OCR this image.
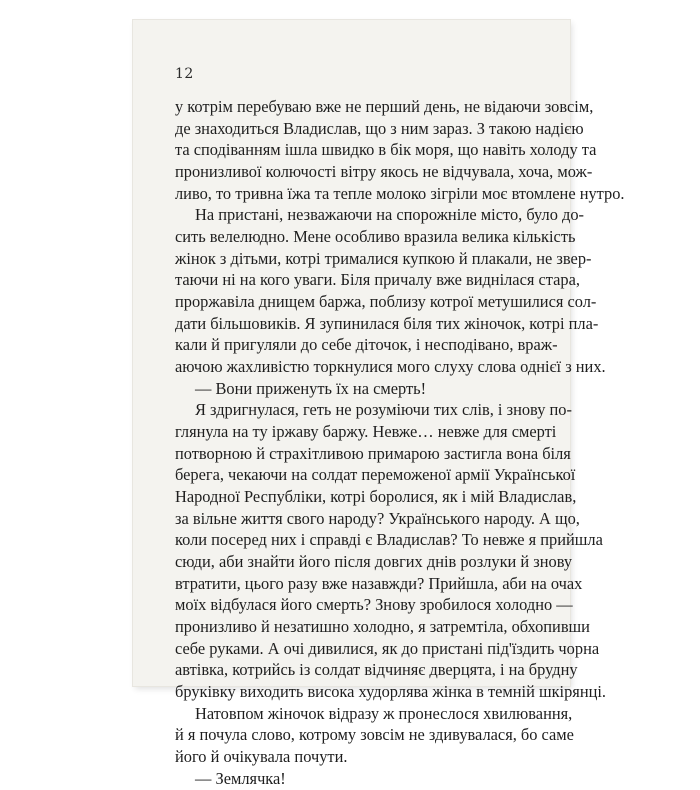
12
у котрім перебуваю вже не перший день, не відаючи зовсім,
де знаходиться Владислав, що з ним зараз. З такою надією
та сподіванням ішла швидко в бік моря, що навіть холоду та
пронизливої колючості вітру якось не відчувала, хоча, мож-
ливо, то тривна їжа та тепле молоко зігріли моє втомлене нутро.
На пристані, незважаючи на спорожніле місто, було до-
сить велелюдно. Мене особливо вразила велика кількість
жінок з дітьми, котрі трималися купкою й плакали, не звер-
таючи ні на кого уваги. Біля причалу вже виднілася стара,
проржавіла днищем баржа, поблизу котрої метушилися сол-
дати більшовиків. Я зупинилася біля тих жіночок, котрі пла-
кали й пригуляли до себе діточок, і несподівано, враж-
аючою жахливістю торкнулися мого слуху слова однієї з них.
— Вони приженуть їх на смерть!
Я здригнулася, геть не розуміючи тих слів, і знову по-
глянула на ту іржаву баржу. Невже… невже для смерті
потворною й страхітливою примарою застигла вона біля
берега, чекаючи на солдат переможеної армії Української
Народної Республіки, котрі боролися, як і мій Владислав,
за вільне життя свого народу? Українського народу. А що,
коли посеред них і справді є Владислав? То невже я прийшла
сюди, аби знайти його після довгих днів розлуки й знову
втратити, цього разу вже назавжди? Прийшла, аби на очах
моїх відбулася його смерть? Знову зробилося холодно —
пронизливо й незатишно холодно, я затремтіла, обхопивши
себе руками. А очі дивилися, як до пристані під'їздить чорна
автівка, котрийсь із солдат відчиняє дверцята, і на брудну
бруківку виходить висока худорлява жінка в темній шкірянці.
Натовпом жіночок відразу ж пронеслося хвилювання,
й я почула слово, котрому зовсім не здивувалася, бо саме
його й очікувала почути.
— Землячка!
